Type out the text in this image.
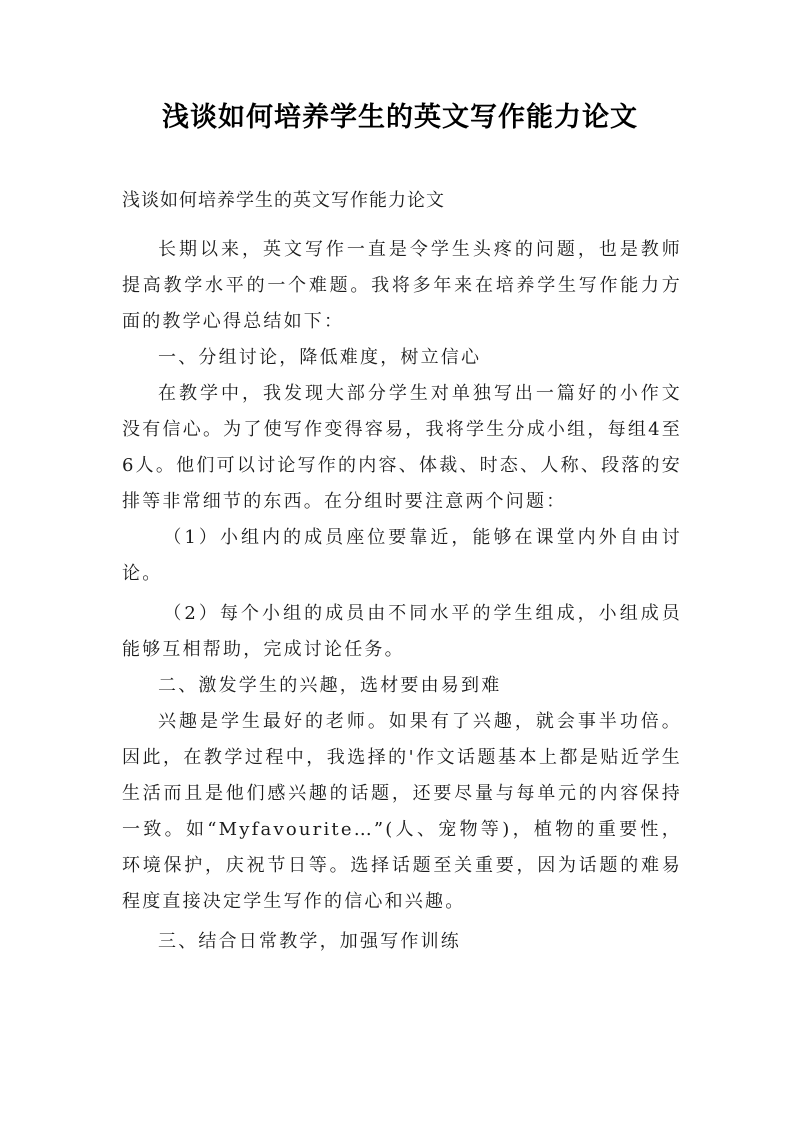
浅谈如何培养学生的英文写作能力论文
浅谈如何培养学生的英文写作能力论文

长期以来，英文写作一直是令学生头疼的问题，也是教师提高教学水平的一个难题。我将多年来在培养学生写作能力方面的教学心得总结如下：

一、分组讨论，降低难度，树立信心

在教学中，我发现大部分学生对单独写出一篇好的小作文没有信心。为了使写作变得容易，我将学生分成小组，每组4至6人。他们可以讨论写作的内容、体裁、时态、人称、段落的安排等非常细节的东西。在分组时要注意两个问题：

（1）小组内的成员座位要靠近，能够在课堂内外自由讨论。

（2）每个小组的成员由不同水平的学生组成，小组成员能够互相帮助，完成讨论任务。

二、激发学生的兴趣，选材要由易到难

兴趣是学生最好的老师。如果有了兴趣，就会事半功倍。因此，在教学过程中，我选择的'作文话题基本上都是贴近学生生活而且是他们感兴趣的话题，还要尽量与每单元的内容保持一致。如“Myfavourite…”(人、宠物等)，植物的重要性，环境保护，庆祝节日等。选择话题至关重要，因为话题的难易程度直接决定学生写作的信心和兴趣。

三、结合日常教学，加强写作训练
